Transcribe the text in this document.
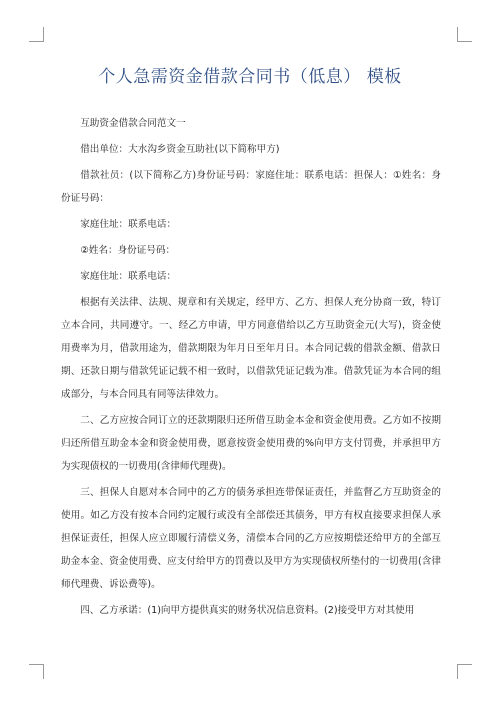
个人急需资金借款合同书（低息） 模板

互助资金借款合同范文一

借出单位：大水沟乡资金互助社(以下简称甲方)

借款社员：(以下简称乙方)身份证号码：家庭住址：联系电话：担保人：①姓名：身份证号码：

家庭住址：联系电话：

②姓名：身份证号码：

家庭住址：联系电话：

根据有关法律、法规、规章和有关规定，经甲方、乙方、担保人充分协商一致，特订立本合同，共同遵守。一、经乙方申请，甲方同意借给以乙方互助资金元(大写)，资金使用费率为月，借款用途为，借款期限为年月日至年月日。本合同记载的借款金额、借款日期、还款日期与借款凭证记载不相一致时，以借款凭证记载为准。借款凭证为本合同的组成部分，与本合同具有同等法律效力。

二、乙方应按合同订立的还款期限归还所借互助金本金和资金使用费。乙方如不按期归还所借互助金本金和资金使用费，愿意按资金使用费的%向甲方支付罚费，并承担甲方为实现债权的一切费用(含律师代理费)。

三、担保人自愿对本合同中的乙方的债务承担连带保证责任，并监督乙方互助资金的使用。如乙方没有按本合同约定履行或没有全部偿还其债务，甲方有权直接要求担保人承担保证责任，担保人应立即履行清偿义务，清偿本合同的乙方应按期偿还给甲方的全部互助金本金、资金使用费、应支付给甲方的罚费以及甲方为实现债权所垫付的一切费用(含律师代理费、诉讼费等)。

四、乙方承诺：(1)向甲方提供真实的财务状况信息资料。(2)接受甲方对其使用
